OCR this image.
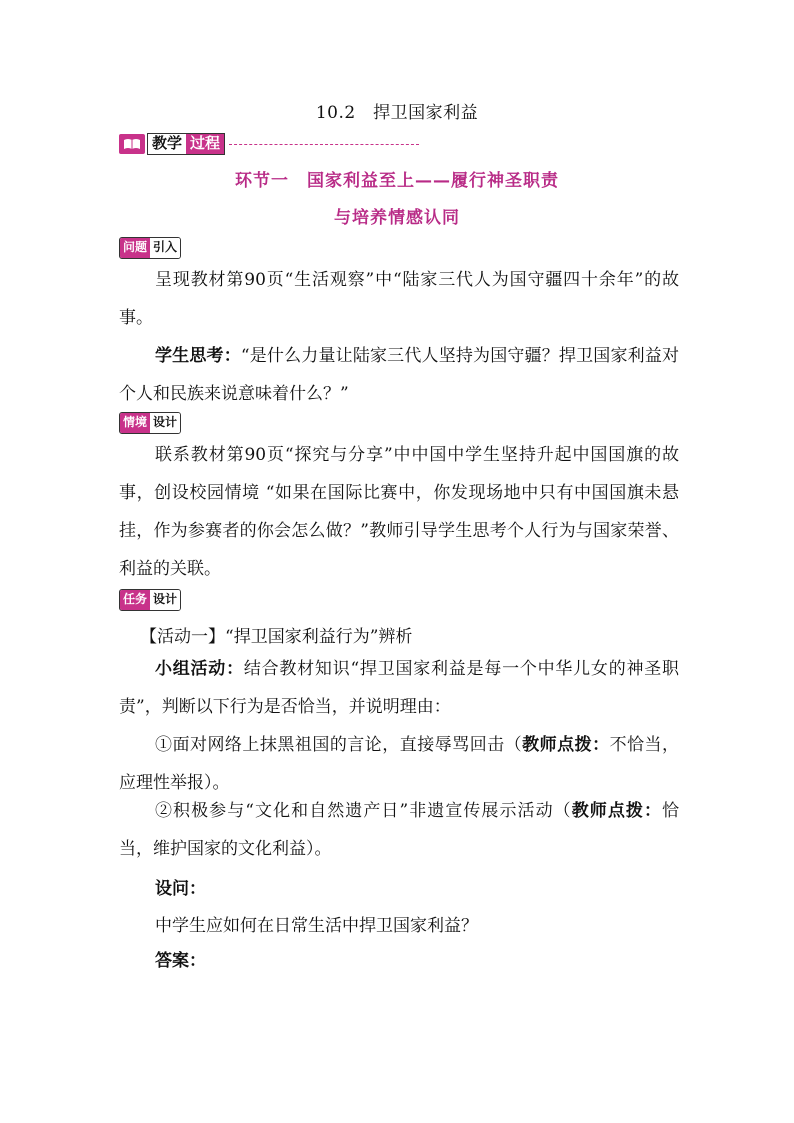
10.2　捍卫国家利益
教学 过程
环节一　国家利益至上——履行神圣职责
与培养情感认同
问题 引入
呈现教材第90页“生活观察”中“陆家三代人为国守疆四十余年”的故事。
学生思考：“是什么力量让陆家三代人坚持为国守疆？捍卫国家利益对个人和民族来说意味着什么？”
情境 设计
联系教材第90页“探究与分享”中中国中学生坚持升起中国国旗的故事，创设校园情境 “如果在国际比赛中，你发现场地中只有中国国旗未悬挂，作为参赛者的你会怎么做？”教师引导学生思考个人行为与国家荣誉、利益的关联。
任务 设计
【活动一】“捍卫国家利益行为”辨析
小组活动：结合教材知识“捍卫国家利益是每一个中华儿女的神圣职责”，判断以下行为是否恰当，并说明理由：
①面对网络上抹黑祖国的言论，直接辱骂回击（教师点拨：不恰当，应理性举报）。
②积极参与“文化和自然遗产日”非遗宣传展示活动（教师点拨：恰当，维护国家的文化利益）。
设问：
中学生应如何在日常生活中捍卫国家利益？
答案：
